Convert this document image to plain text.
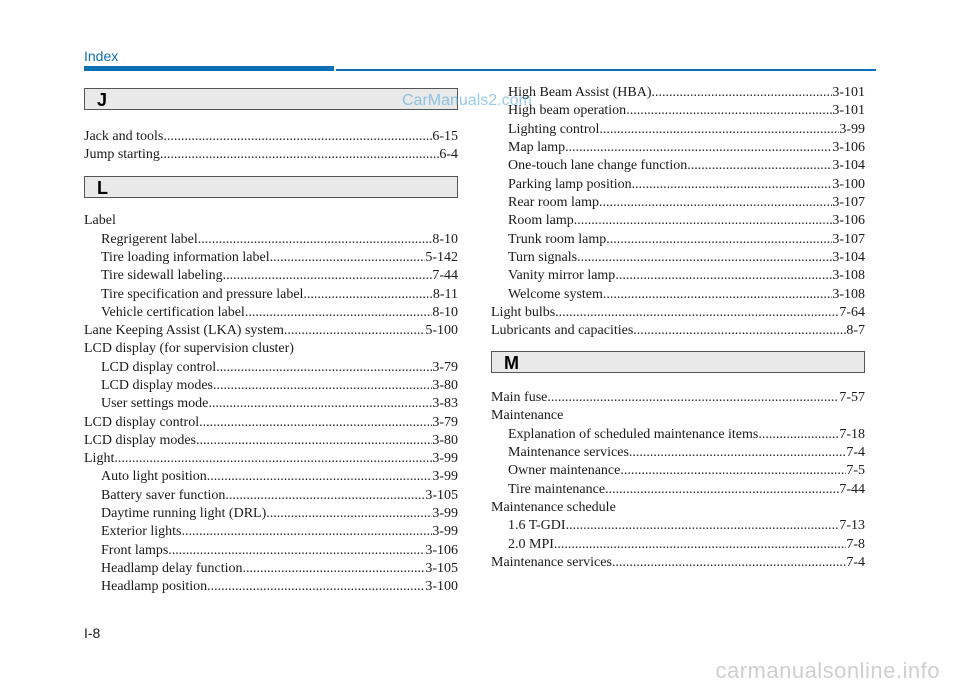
Index
J
L
Jack and tools .....	6-15
Jump starting .....	6-4
Label
Regrigerent label .....	8-10
Tire loading information label .....	5-142
Tire sidewall labeling .....	7-44
Tire specification and pressure label .....	8-11
Vehicle certification label .....	8-10
Lane Keeping Assist (LKA) system .....	5-100
LCD display (for supervision cluster)
LCD display control .....	3-79
LCD display modes .....	3-80
User settings mode .....	3-83
LCD display control .....	3-79
LCD display modes .....	3-80
Light .....	3-99
Auto light position .....	3-99
Battery saver function .....	3-105
Daytime running light (DRL) .....	3-99
Exterior lights .....	3-99
Front lamps .....	3-106
Headlamp delay function .....	3-105
Headlamp position .....	3-100
M
High Beam Assist (HBA) .....	3-101
High beam operation .....	3-101
Lighting control .....	3-99
Map lamp .....	3-106
One-touch lane change function .....	3-104
Parking lamp position .....	3-100
Rear room lamp .....	3-107
Room lamp .....	3-106
Trunk room lamp .....	3-107
Turn signals .....	3-104
Vanity mirror lamp .....	3-108
Welcome system .....	3-108
Light bulbs .....	7-64
Lubricants and capacities .....	8-7
Main fuse .....	7-57
Maintenance
Explanation of scheduled maintenance items .....	7-18
Maintenance services .....	7-4
Owner maintenance .....	7-5
Tire maintenance .....	7-44
Maintenance schedule
1.6 T-GDI .....	7-13
2.0 MPI .....	7-8
Maintenance services .....	7-4
CarManuals2.com
I-8
carmanualsonline.info
